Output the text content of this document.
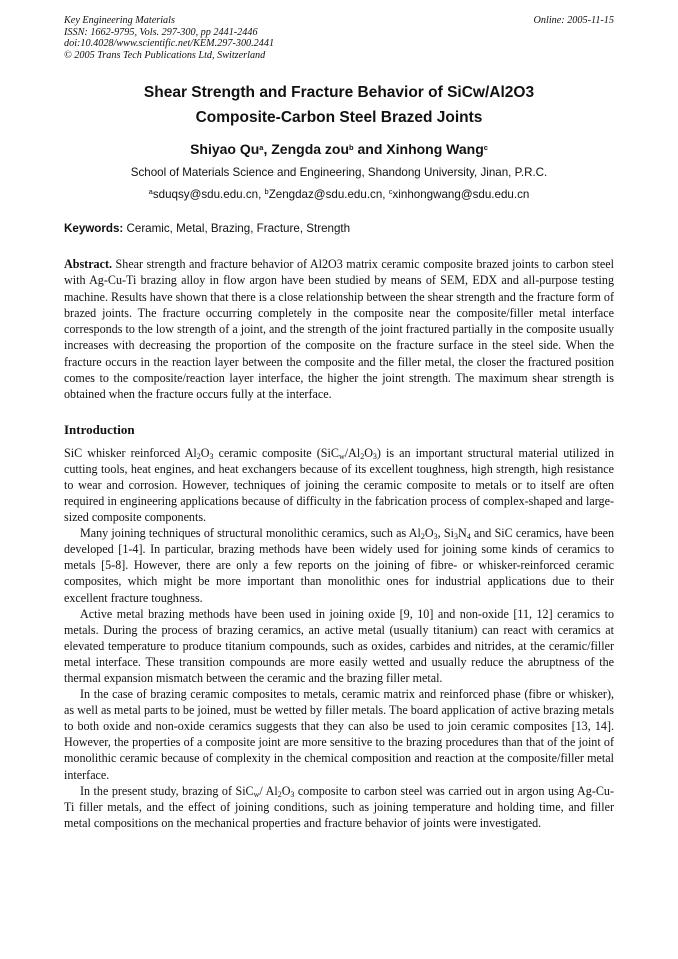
Key Engineering Materials
ISSN: 1662-9795, Vols. 297-300, pp 2441-2446
doi:10.4028/www.scientific.net/KEM.297-300.2441
© 2005 Trans Tech Publications Ltd, Switzerland
Online: 2005-11-15
Shear Strength and Fracture Behavior of SiCw/Al2O3
Composite-Carbon Steel Brazed Joints
Shiyao Qu$^a$, Zengda zou$^b$ and Xinhong Wang$^c$
School of Materials Science and Engineering, Shandong University, Jinan, P.R.C.
$^a$sduqsy@sdu.edu.cn, $^b$Zengdaz@sdu.edu.cn, $^c$xinhongwang@sdu.edu.cn
Keywords: Ceramic, Metal, Brazing, Fracture, Strength
Abstract. Shear strength and fracture behavior of Al2O3 matrix ceramic composite brazed joints to carbon steel with Ag-Cu-Ti brazing alloy in flow argon have been studied by means of SEM, EDX and all-purpose testing machine. Results have shown that there is a close relationship between the shear strength and the fracture form of brazed joints. The fracture occurring completely in the composite near the composite/filler metal interface corresponds to the low strength of a joint, and the strength of the joint fractured partially in the composite usually increases with decreasing the proportion of the composite on the fracture surface in the steel side. When the fracture occurs in the reaction layer between the composite and the filler metal, the closer the fractured position comes to the composite/reaction layer interface, the higher the joint strength. The maximum shear strength is obtained when the fracture occurs fully at the interface.
Introduction

SiC whisker reinforced $Al_2O_3$ ceramic composite $(SiC_w/Al_2O_3)$ is an important structural material utilized in cutting tools, heat engines, and heat exchangers because of its excellent toughness, high strength, high resistance to wear and corrosion. However, techniques of joining the ceramic composite to metals or to itself are often required in engineering applications because of difficulty in the fabrication process of complex-shaped and large-sized composite components.

Many joining techniques of structural monolithic ceramics, such as $Al_2O_3$, $Si_3N_4$ and SiC ceramics, have been developed [1-4]. In particular, brazing methods have been widely used for joining some kinds of ceramics to metals [5-8]. However, there are only a few reports on the joining of fibre- or whisker-reinforced ceramic composites, which might be more important than monolithic ones for industrial applications due to their excellent fracture toughness.

Active metal brazing methods have been used in joining oxide [9, 10] and non-oxide [11, 12] ceramics to metals. During the process of brazing ceramics, an active metal (usually titanium) can react with ceramics at elevated temperature to produce titanium compounds, such as oxides, carbides and nitrides, at the ceramic/filler metal interface. These transition compounds are more easily wetted and usually reduce the abruptness of the thermal expansion mismatch between the ceramic and the brazing filler metal.

In the case of brazing ceramic composites to metals, ceramic matrix and reinforced phase (fibre or whisker), as well as metal parts to be joined, must be wetted by filler metals. The board application of active brazing metals to both oxide and non-oxide ceramics suggests that they can also be used to join ceramic composites [13, 14]. However, the properties of a composite joint are more sensitive to the brazing procedures than that of the joint of monolithic ceramic because of complexity in the chemical composition and reaction at the composite/filler metal interface.

In the present study, brazing of SiC$_w$/ $Al_2O_3$ composite to carbon steel was carried out in argon using Ag-Cu-Ti filler metals, and the effect of joining conditions, such as joining temperature and holding time, and filler metal compositions on the mechanical properties and fracture behavior of joints were investigated.
